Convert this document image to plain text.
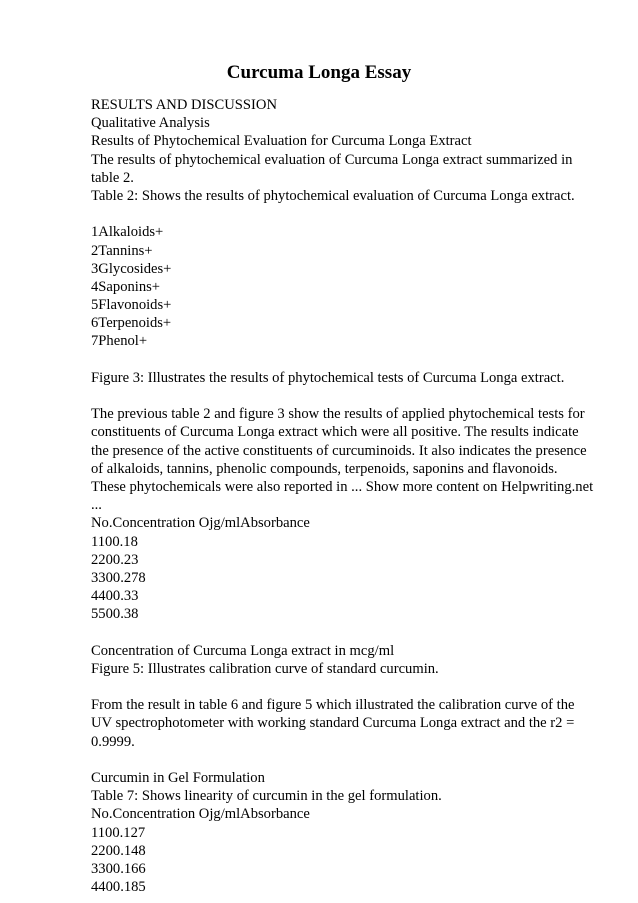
Curcuma Longa Essay
RESULTS AND DISCUSSION
Qualitative Analysis
Results of Phytochemical Evaluation for Curcuma Longa Extract
The results of phytochemical evaluation of Curcuma Longa extract summarized in
table 2.
Table 2: Shows the results of phytochemical evaluation of Curcuma Longa extract.
1Alkaloids+
2Tannins+
3Glycosides+
4Saponins+
5Flavonoids+
6Terpenoids+
7Phenol+
Figure 3: Illustrates the results of phytochemical tests of Curcuma Longa extract.
The previous table 2 and figure 3 show the results of applied phytochemical tests for
constituents of Curcuma Longa extract which were all positive. The results indicate
the presence of the active constituents of curcuminoids. It also indicates the presence
of alkaloids, tannins, phenolic compounds, terpenoids, saponins and flavonoids.
These phytochemicals were also reported in ... Show more content on Helpwriting.net
...
No.Concentration Ojg/mlAbsorbance
1100.18
2200.23
3300.278
4400.33
5500.38
Concentration of Curcuma Longa extract in mcg/ml
Figure 5: Illustrates calibration curve of standard curcumin.
From the result in table 6 and figure 5 which illustrated the calibration curve of the
UV spectrophotometer with working standard Curcuma Longa extract and the r2 =
0.9999.
Curcumin in Gel Formulation
Table 7: Shows linearity of curcumin in the gel formulation.
No.Concentration Ojg/mlAbsorbance
1100.127
2200.148
3300.166
4400.185
